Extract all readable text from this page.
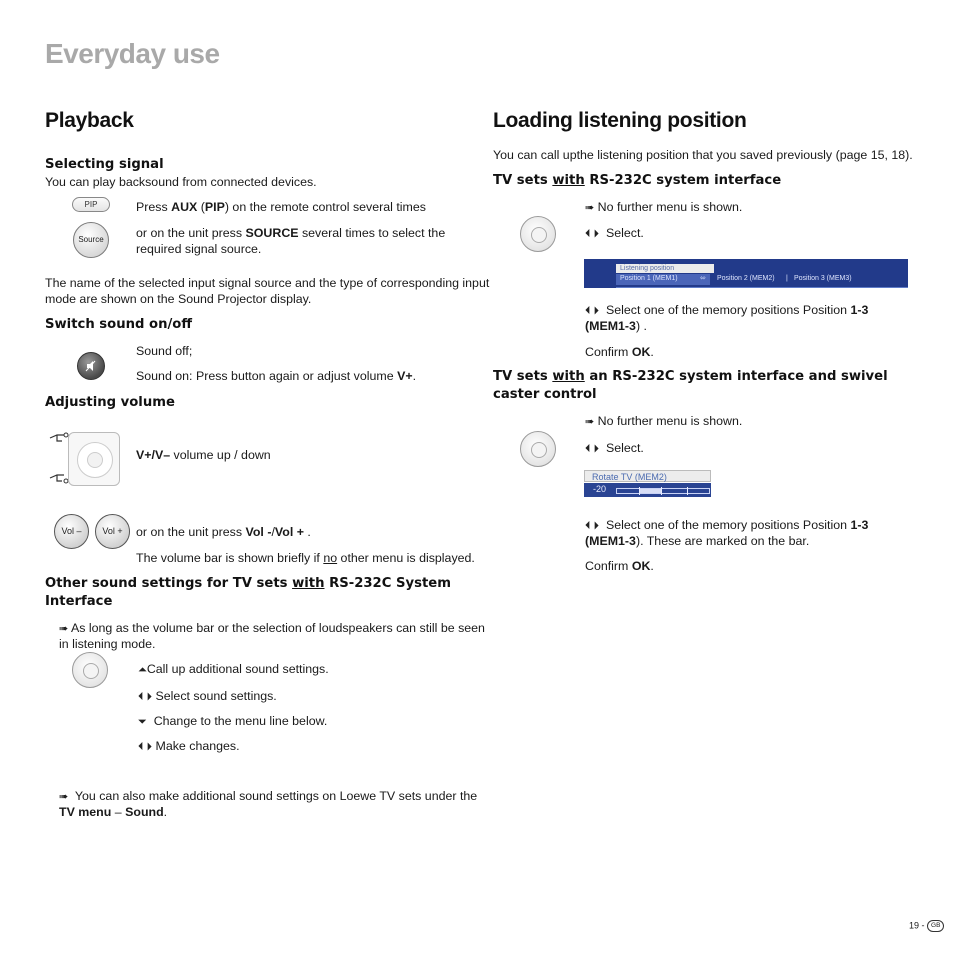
Everyday use
Playback
Selecting signal
You can play backsound from connected devices.
PIP	Press AUX (PIP) on the remote control several times
Source	or on the unit press SOURCE several times to select the
required signal source.
The name of the selected input signal source and the type of corresponding input
mode are shown on the Sound Projector display.
Switch sound on/off
Sound off;
Sound on: Press button again or adjust volume V+.
Adjusting volume
V+/V– volume up / down
Vol –	Vol +	or on the unit press Vol -/Vol + .
The volume bar is shown briefly if no other menu is displayed.
Other sound settings for TV sets with RS-232C System
Interface
➠ As long as the volume bar or the selection of loudspeakers can still be seen
in listening mode.
⏶Call up additional sound settings.
⏴ ⏵ Select sound settings.
⏷ Change to the menu line below.
⏴ ⏵ Make changes.
➠ You can also make additional sound settings on Loewe TV sets under the
TV menu – Sound.
Loading listening position
You can call upthe listening position that you saved previously (page 15, 18).
TV sets with RS-232C system interface
➠ No further menu is shown.
⏴ ⏵ Select.
Listening position
Position 1 (MEM1)	⬄ Position 2 (MEM2) | Position 3 (MEM3)
⏴ ⏵ Select one of the memory positions Position 1-3
(MEM1-3) .
Confirm OK.
TV sets with an RS-232C system interface and swivel
caster control
➠ No further menu is shown.
⏴ ⏵ Select.
Rotate TV (MEM2)
-20
⏴ ⏵ Select one of the memory positions Position 1-3
(MEM1-3). These are marked on the bar.
Confirm OK.
19 - GB
